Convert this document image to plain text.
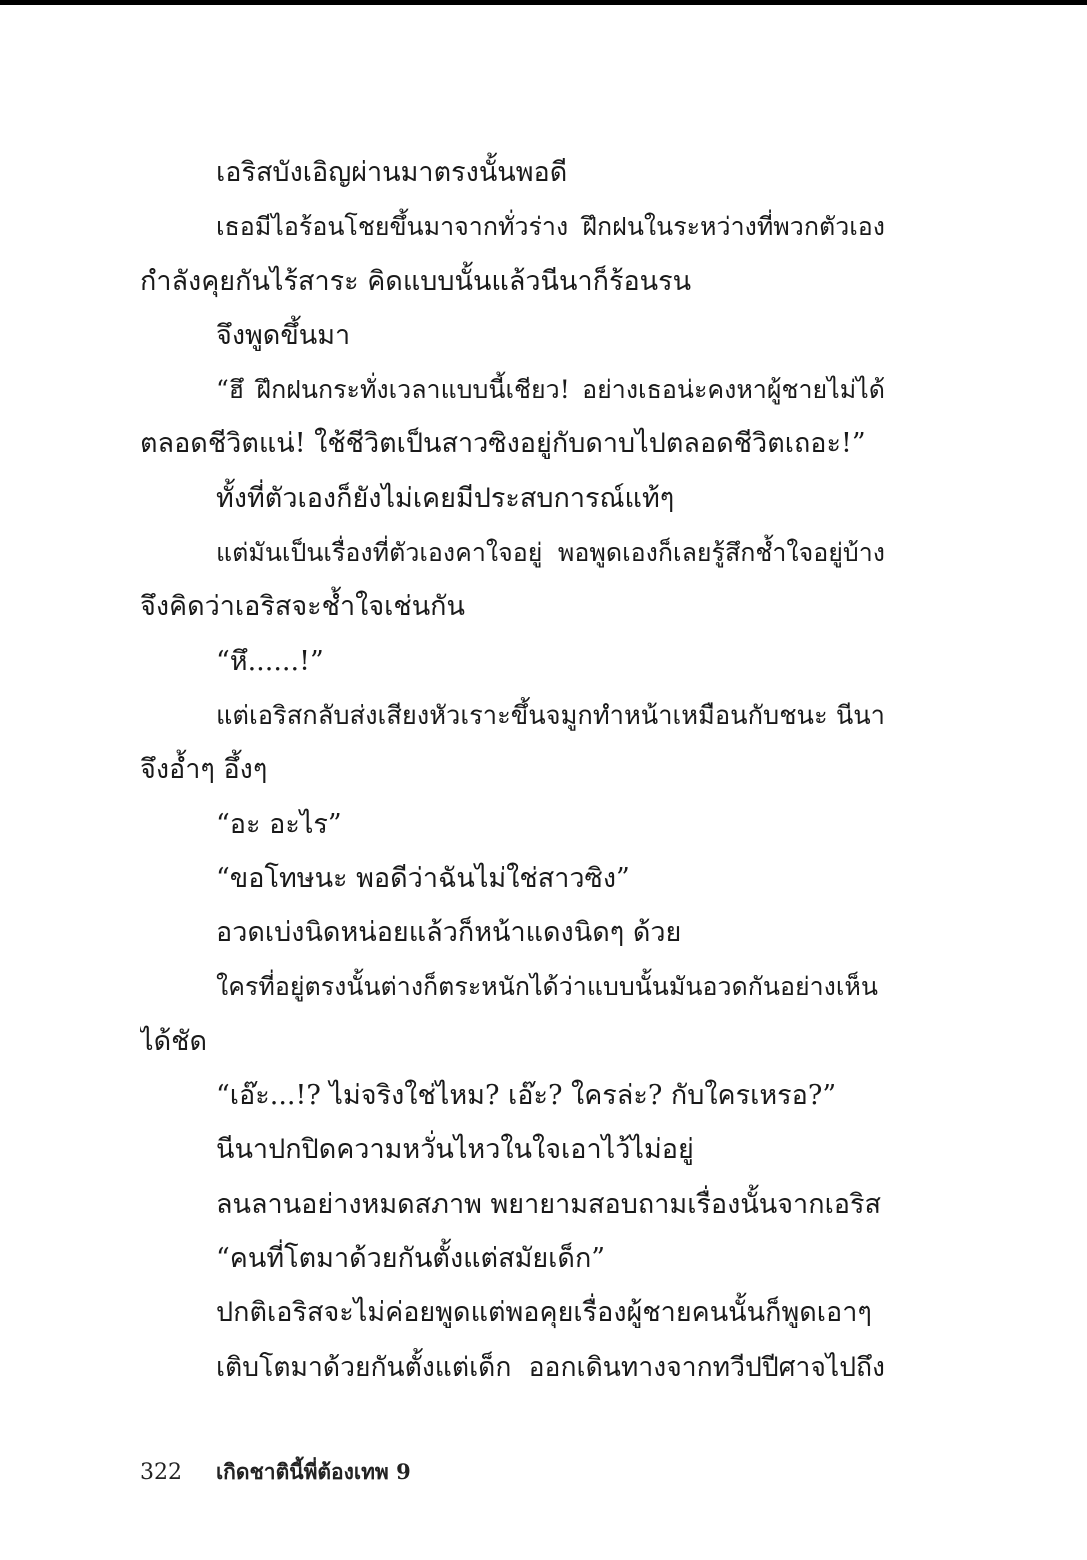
เอริสบังเอิญผ่านมาตรงนั้นพอดี
เธอมีไอร้อนโชยขึ้นมาจากทั่วร่าง ฝึกฝนในระหว่างที่พวกตัวเอง
กำลังคุยกันไร้สาระ คิดแบบนั้นแล้วนีนาก็ร้อนรน
จึงพูดขึ้นมา
“ฮึ ฝึกฝนกระทั่งเวลาแบบนี้เชียว! อย่างเธอน่ะคงหาผู้ชายไม่ได้
ตลอดชีวิตแน่! ใช้ชีวิตเป็นสาวซิงอยู่กับดาบไปตลอดชีวิตเถอะ!”
ทั้งที่ตัวเองก็ยังไม่เคยมีประสบการณ์แท้ๆ
แต่มันเป็นเรื่องที่ตัวเองคาใจอยู่ พอพูดเองก็เลยรู้สึกช้ำใจอยู่บ้าง
จึงคิดว่าเอริสจะช้ำใจเช่นกัน
“หึ......!”
แต่เอริสกลับส่งเสียงหัวเราะขึ้นจมูกทำหน้าเหมือนกับชนะ นีนา
จึงอ้ำๆ อึ้งๆ
“อะ อะไร”
“ขอโทษนะ พอดีว่าฉันไม่ใช่สาวซิง”
อวดเบ่งนิดหน่อยแล้วก็หน้าแดงนิดๆ ด้วย
ใครที่อยู่ตรงนั้นต่างก็ตระหนักได้ว่าแบบนั้นมันอวดกันอย่างเห็น
ได้ชัด
“เอ๊ะ...!? ไม่จริงใช่ไหม? เอ๊ะ? ใครล่ะ? กับใครเหรอ?”
นีนาปกปิดความหวั่นไหวในใจเอาไว้ไม่อยู่
ลนลานอย่างหมดสภาพ พยายามสอบถามเรื่องนั้นจากเอริส
“คนที่โตมาด้วยกันตั้งแต่สมัยเด็ก”
ปกติเอริสจะไม่ค่อยพูดแต่พอคุยเรื่องผู้ชายคนนั้นก็พูดเอาๆ
เติบโตมาด้วยกันตั้งแต่เด็ก ออกเดินทางจากทวีปปีศาจไปถึง
322 เกิดชาตินี้พี่ต้องเทพ 9
